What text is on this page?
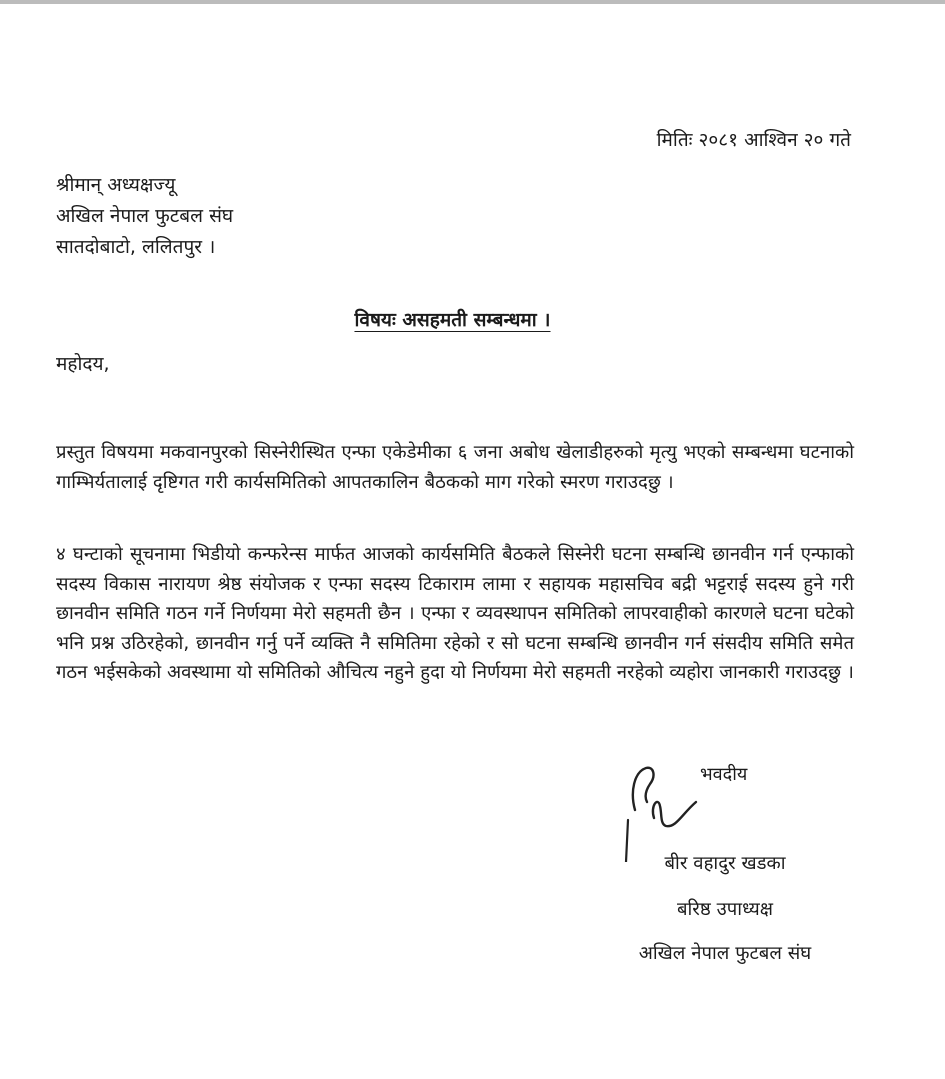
मितिः २०८१ आश्विन २० गते
श्रीमान् अध्यक्षज्यू
अखिल नेपाल फुटबल संघ
सातदोबाटो, ललितपुर ।
विषयः असहमती सम्बन्धमा ।
महोदय,

प्रस्तुत विषयमा मकवानपुरको सिस्नेरीस्थित एन्फा एकेडेमीका ६ जना अबोध खेलाडीहरुको मृत्यु भएको सम्बन्धमा घटनाको गाम्भिर्यतालाई दृष्टिगत गरी कार्यसमितिको आपतकालिन बैठकको माग गरेको स्मरण गराउदछु ।

४ घन्टाको सूचनामा भिडीयो कन्फरेन्स मार्फत आजको कार्यसमिति बैठकले सिस्नेरी घटना सम्बन्धि छानवीन गर्न एन्फाको सदस्य विकास नारायण श्रेष्ठ संयोजक र एन्फा सदस्य टिकाराम लामा र सहायक महासचिव बद्री भट्टराई सदस्य हुने गरी छानवीन समिति गठन गर्ने निर्णयमा मेरो सहमती छैन । एन्फा र व्यवस्थापन समितिको लापरवाहीको कारणले घटना घटेको भनि प्रश्न उठिरहेको, छानवीन गर्नु पर्ने व्यक्ति नै समितिमा रहेको र सो घटना सम्बन्धि छानवीन गर्न संसदीय समिति समेत गठन भईसकेको अवस्थामा यो समितिको औचित्य नहुने हुदा यो निर्णयमा मेरो सहमती नरहेको व्यहोरा जानकारी गराउदछु ।

भवदीय
बीर वहादुर खडका
बरिष्ठ उपाध्यक्ष
अखिल नेपाल फुटबल संघ
